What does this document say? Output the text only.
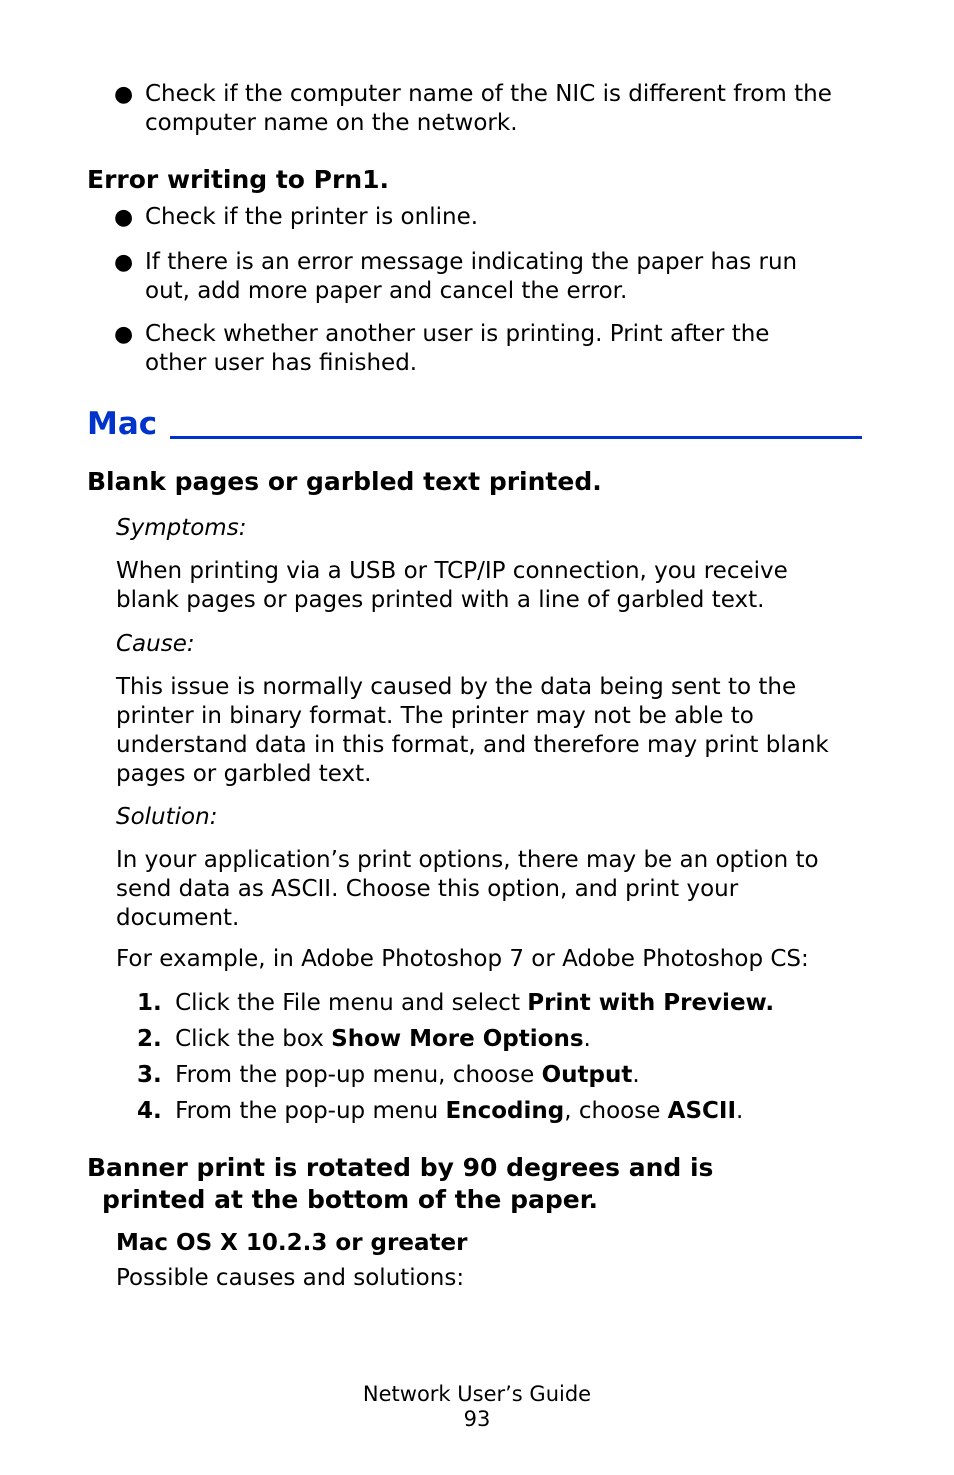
● Check if the computer name of the NIC is different from the
computer name on the network.
Error writing to Prn1.
● Check if the printer is online.
● If there is an error message indicating the paper has run
out, add more paper and cancel the error.
● Check whether another user is printing. Print after the
other user has finished.
Mac
Blank pages or garbled text printed.
Symptoms:
When printing via a USB or TCP/IP connection, you receive
blank pages or pages printed with a line of garbled text.
Cause:
This issue is normally caused by the data being sent to the
printer in binary format. The printer may not be able to
understand data in this format, and therefore may print blank
pages or garbled text.
Solution:
In your application’s print options, there may be an option to
send data as ASCII. Choose this option, and print your
document.
For example, in Adobe Photoshop 7 or Adobe Photoshop CS:
1. Click the File menu and select Print with Preview.
2. Click the box Show More Options.
3. From the pop-up menu, choose Output.
4. From the pop-up menu Encoding, choose ASCII.
Banner print is rotated by 90 degrees and is
printed at the bottom of the paper.
Mac OS X 10.2.3 or greater
Possible causes and solutions:
Network User’s Guide
93
